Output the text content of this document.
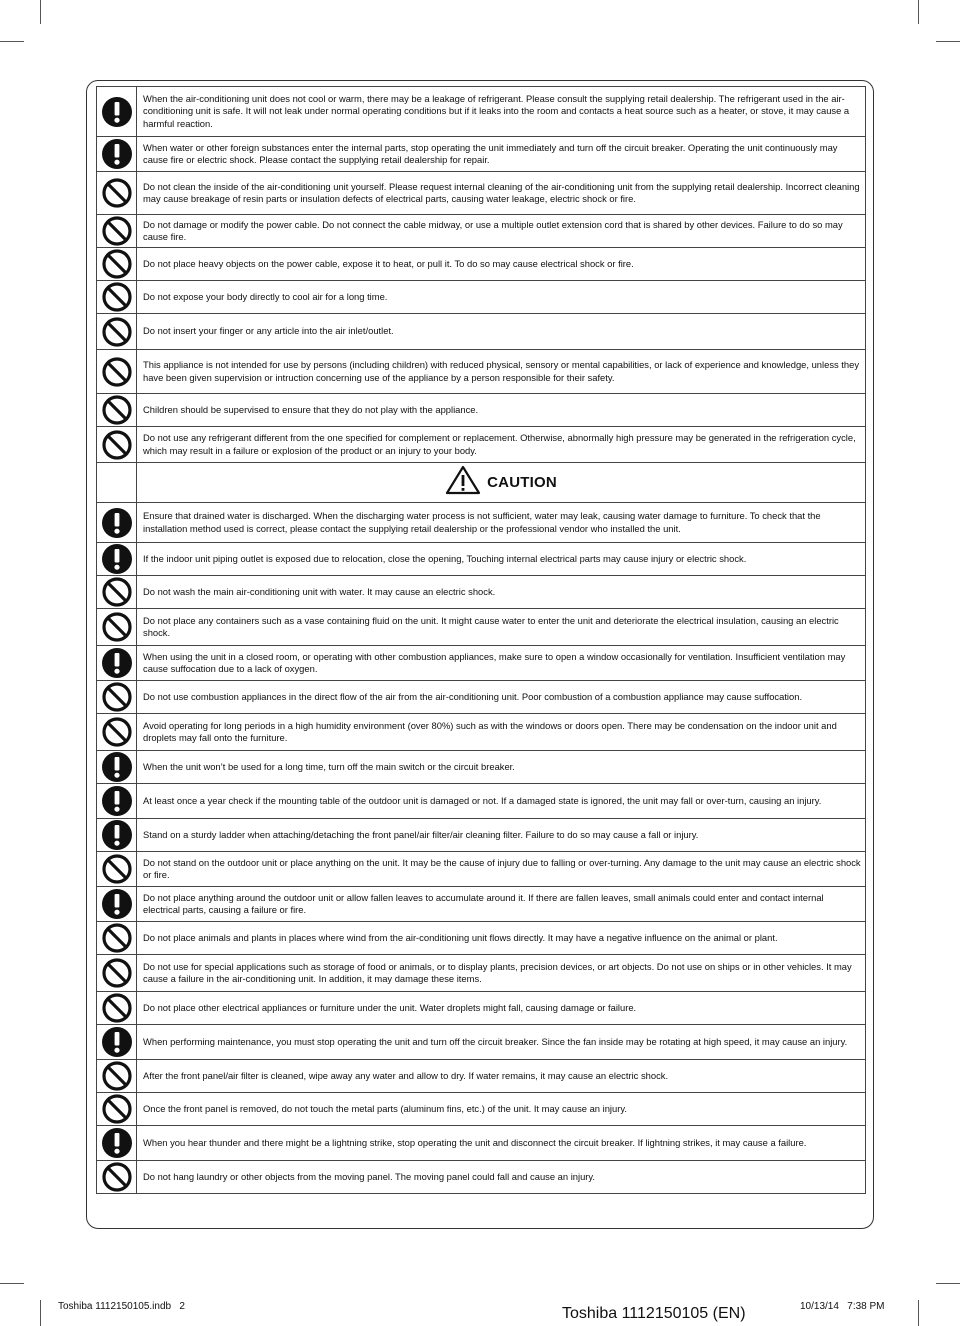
	When the air-conditioning unit does not cool or warm, there may be a leakage of refrigerant. Please consult the supplying retail dealership. The refrigerant used in the air-conditioning unit is safe. It will not leak under normal operating conditions but if it leaks into the room and contacts a heat source such as a heater, or stove, it may cause a harmful reaction.

	When water or other foreign substances enter the internal parts, stop operating the unit immediately and turn off the circuit breaker. Operating the unit continuously may cause fire or electric shock. Please contact the supplying retail dealership for repair.

	Do not clean the inside of the air-conditioning unit yourself. Please request internal cleaning of the air-conditioning unit from the supplying retail dealership. Incorrect cleaning may cause breakage of resin parts or insulation defects of electrical parts, causing water leakage, electric shock or fire.

	Do not damage or modify the power cable. Do not connect the cable midway, or use a multiple outlet extension cord that is shared by other devices. Failure to do so may cause fire.

	Do not place heavy objects on the power cable, expose it to heat, or pull it. To do so may cause electrical shock or fire.

	Do not expose your body directly to cool air for a long time.

	Do not insert your finger or any article into the air inlet/outlet.

	This appliance is not intended for use by persons (including children) with reduced physical, sensory or mental capabilities, or lack of experience and knowledge, unless they have been given supervision or intruction concerning use of the appliance by a person responsible for their safety.

	Children should be supervised to ensure that they do not play with the appliance.

	Do not use any refrigerant different from the one specified for complement or replacement. Otherwise, abnormally high pressure may be generated in the refrigeration cycle, which may result in a failure or explosion of the product or an injury to your body.

	CAUTION

	Ensure that drained water is discharged. When the discharging water process is not sufficient, water may leak, causing water damage to furniture. To check that the installation method used is correct, please contact the supplying retail dealership or the professional vendor who installed the unit.

	If the indoor unit piping outlet is exposed due to relocation, close the opening, Touching internal electrical parts may cause injury or electric shock.

	Do not wash the main air-conditioning unit with water. It may cause an electric shock.

	Do not place any containers such as a vase containing fluid on the unit. It might cause water to enter the unit and deteriorate the electrical insulation, causing an electric shock.

	When using the unit in a closed room, or operating with other combustion appliances, make sure to open a window occasionally for ventilation. Insufficient ventilation may cause suffocation due to a lack of oxygen.

	Do not use combustion appliances in the direct flow of the air from the air-conditioning unit. Poor combustion of a combustion appliance may cause suffocation.

	Avoid operating for long periods in a high humidity environment (over 80%) such as with the windows or doors open. There may be condensation on the indoor unit and droplets may fall onto the furniture.

	When the unit won’t be used for a long time, turn off the main switch or the circuit breaker.

	At least once a year check if the mounting table of the outdoor unit is damaged or not. If a damaged state is ignored, the unit may fall or over-turn, causing an injury.

	Stand on a sturdy ladder when attaching/detaching the front panel/air filter/air cleaning filter. Failure to do so may cause a fall or injury.

	Do not stand on the outdoor unit or place anything on the unit. It may be the cause of injury due to falling or over-turning. Any damage to the unit may cause an electric shock or fire.

	Do not place anything around the outdoor unit or allow fallen leaves to accumulate around it. If there are fallen leaves, small animals could enter and contact internal electrical parts, causing a failure or fire.

	Do not place animals and plants in places where wind from the air-conditioning unit flows directly. It may have a negative influence on the animal or plant.

	Do not use for special applications such as storage of food or animals, or to display plants, precision devices, or art objects. Do not use on ships or in other vehicles. It may cause a failure in the air-conditioning unit. In addition, it may damage these items.

	Do not place other electrical appliances or furniture under the unit. Water droplets might fall, causing damage or failure.

	When performing maintenance, you must stop operating the unit and turn off the circuit breaker. Since the fan inside may be rotating at high speed, it may cause an injury.

	After the front panel/air filter is cleaned, wipe away any water and allow to dry. If water remains, it may cause an electric shock.

	Once the front panel is removed, do not touch the metal parts (aluminum fins, etc.) of the unit. It may cause an injury.

	When you hear thunder and there might be a lightning strike, stop operating the unit and disconnect the circuit breaker. If lightning strikes, it may cause a failure.

	Do not hang laundry or other objects from the moving panel. The moving panel could fall and cause an injury.
Toshiba 1112150105.indb   2	Toshiba 1112150105 (EN)	10/13/14   7:38 PM
